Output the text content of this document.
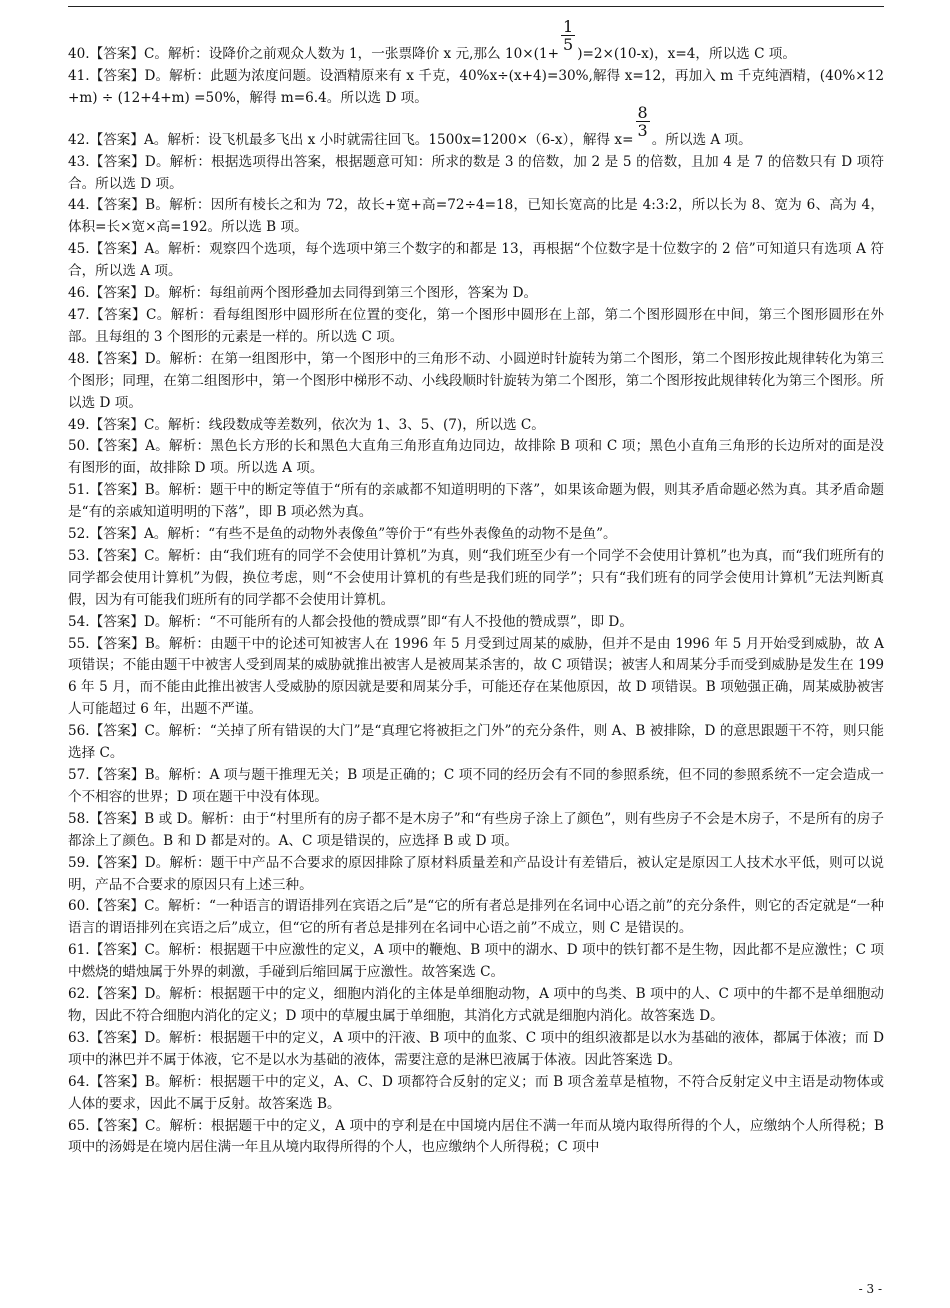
40.【答案】C。解析：设降价之前观众人数为 1，一张票降价 x 元,那么 10×(1+
$\frac{1}{5}$
)=2×(10-x)，x=4，所以选 C 项。

41.【答案】D。解析：此题为浓度问题。设酒精原来有 x 千克，40%x÷(x+4)=30%,解得 x=12，再加入 m 千克纯酒精，(40%×12+m) ÷ (12+4+m) =50%，解得 m=6.4。所以选 D 项。

42.【答案】A。解析：设飞机最多飞出 x 小时就需往回飞。1500x=1200×（6-x），解得 x=
$\frac{8}{3}$
。所以选 A 项。

43.【答案】D。解析：根据选项得出答案，根据题意可知：所求的数是 3 的倍数，加 2 是 5 的倍数，且加 4 是 7 的倍数只有 D 项符合。所以选 D 项。

44.【答案】B。解析：因所有棱长之和为 72，故长+宽+高=72÷4=18，已知长宽高的比是 4:3:2，所以长为 8、宽为 6、高为 4，体积=长×宽×高=192。所以选 B 项。

45.【答案】A。解析：观察四个选项，每个选项中第三个数字的和都是 13，再根据“个位数字是十位数字的 2 倍”可知道只有选项 A 符合，所以选 A 项。

46.【答案】D。解析：每组前两个图形叠加去同得到第三个图形，答案为 D。

47.【答案】C。解析：看每组图形中圆形所在位置的变化，第一个图形中圆形在上部，第二个图形圆形在中间，第三个图形圆形在外部。且每组的 3 个图形的元素是一样的。所以选 C 项。

48.【答案】D。解析：在第一组图形中，第一个图形中的三角形不动、小圆逆时针旋转为第二个图形，第二个图形按此规律转化为第三个图形；同理，在第二组图形中，第一个图形中梯形不动、小线段顺时针旋转为第二个图形，第二个图形按此规律转化为第三个图形。所以选 D 项。

49.【答案】C。解析：线段数成等差数列，依次为 1、3、5、(7)，所以选 C。

50.【答案】A。解析：黑色长方形的长和黑色大直角三角形直角边同边，故排除 B 项和 C 项；黑色小直角三角形的长边所对的面是没有图形的面，故排除 D 项。所以选 A 项。

51.【答案】B。解析：题干中的断定等值于“所有的亲戚都不知道明明的下落”，如果该命题为假，则其矛盾命题必然为真。其矛盾命题是“有的亲戚知道明明的下落”，即 B 项必然为真。

52.【答案】A。解析：“有些不是鱼的动物外表像鱼”等价于“有些外表像鱼的动物不是鱼”。

53.【答案】C。解析：由“我们班有的同学不会使用计算机”为真，则“我们班至少有一个同学不会使用计算机”也为真，而“我们班所有的同学都会使用计算机”为假，换位考虑，则“不会使用计算机的有些是我们班的同学”；只有“我们班有的同学会使用计算机”无法判断真假，因为有可能我们班所有的同学都不会使用计算机。

54.【答案】D。解析：“不可能所有的人都会投他的赞成票”即“有人不投他的赞成票”，即 D。

55.【答案】B。解析：由题干中的论述可知被害人在 1996 年 5 月受到过周某的威胁，但并不是由 1996 年 5 月开始受到威胁，故 A 项错误；不能由题干中被害人受到周某的威胁就推出被害人是被周某杀害的，故 C 项错误；被害人和周某分手而受到威胁是发生在 1996 年 5 月，而不能由此推出被害人受威胁的原因就是要和周某分手，可能还存在某他原因，故 D 项错误。B 项勉强正确，周某威胁被害人可能超过 6 年，出题不严谨。

56.【答案】C。解析：“关掉了所有错误的大门”是“真理它将被拒之门外”的充分条件，则 A、B 被排除，D 的意思跟题干不符，则只能选择 C。

57.【答案】B。解析：A 项与题干推理无关；B 项是正确的；C 项不同的经历会有不同的参照系统，但不同的参照系统不一定会造成一个不相容的世界；D 项在题干中没有体现。

58.【答案】B 或 D。解析：由于“村里所有的房子都不是木房子”和“有些房子涂上了颜色”，则有些房子不会是木房子，不是所有的房子都涂上了颜色。B 和 D 都是对的。A、C 项是错误的，应选择 B 或 D 项。

59.【答案】D。解析：题干中产品不合要求的原因排除了原材料质量差和产品设计有差错后，被认定是原因工人技术水平低，则可以说明，产品不合要求的原因只有上述三种。

60.【答案】C。解析：“一种语言的谓语排列在宾语之后”是“它的所有者总是排列在名词中心语之前”的充分条件，则它的否定就是“一种语言的谓语排列在宾语之后”成立，但“它的所有者总是排列在名词中心语之前”不成立，则 C 是错误的。

61.【答案】C。解析：根据题干中应激性的定义，A 项中的鞭炮、B 项中的湖水、D 项中的铁钉都不是生物，因此都不是应激性；C 项中燃烧的蜡烛属于外界的刺激，手碰到后缩回属于应激性。故答案选 C。

62.【答案】D。解析：根据题干中的定义，细胞内消化的主体是单细胞动物，A 项中的鸟类、B 项中的人、C 项中的牛都不是单细胞动物，因此不符合细胞内消化的定义；D 项中的草履虫属于单细胞，其消化方式就是细胞内消化。故答案选 D。

63.【答案】D。解析：根据题干中的定义，A 项中的汗液、B 项中的血浆、C 项中的组织液都是以水为基础的液体，都属于体液；而 D 项中的淋巴并不属于体液，它不是以水为基础的液体，需要注意的是淋巴液属于体液。因此答案选 D。

64.【答案】B。解析：根据题干中的定义，A、C、D 项都符合反射的定义；而 B 项含羞草是植物，不符合反射定义中主语是动物体或人体的要求，因此不属于反射。故答案选 B。

65.【答案】C。解析：根据题干中的定义，A 项中的亨利是在中国境内居住不满一年而从境内取得所得的个人，应缴纳个人所得税；B 项中的汤姆是在境内居住满一年且从境内取得所得的个人，也应缴纳个人所得税；C 项中

- 3 -
